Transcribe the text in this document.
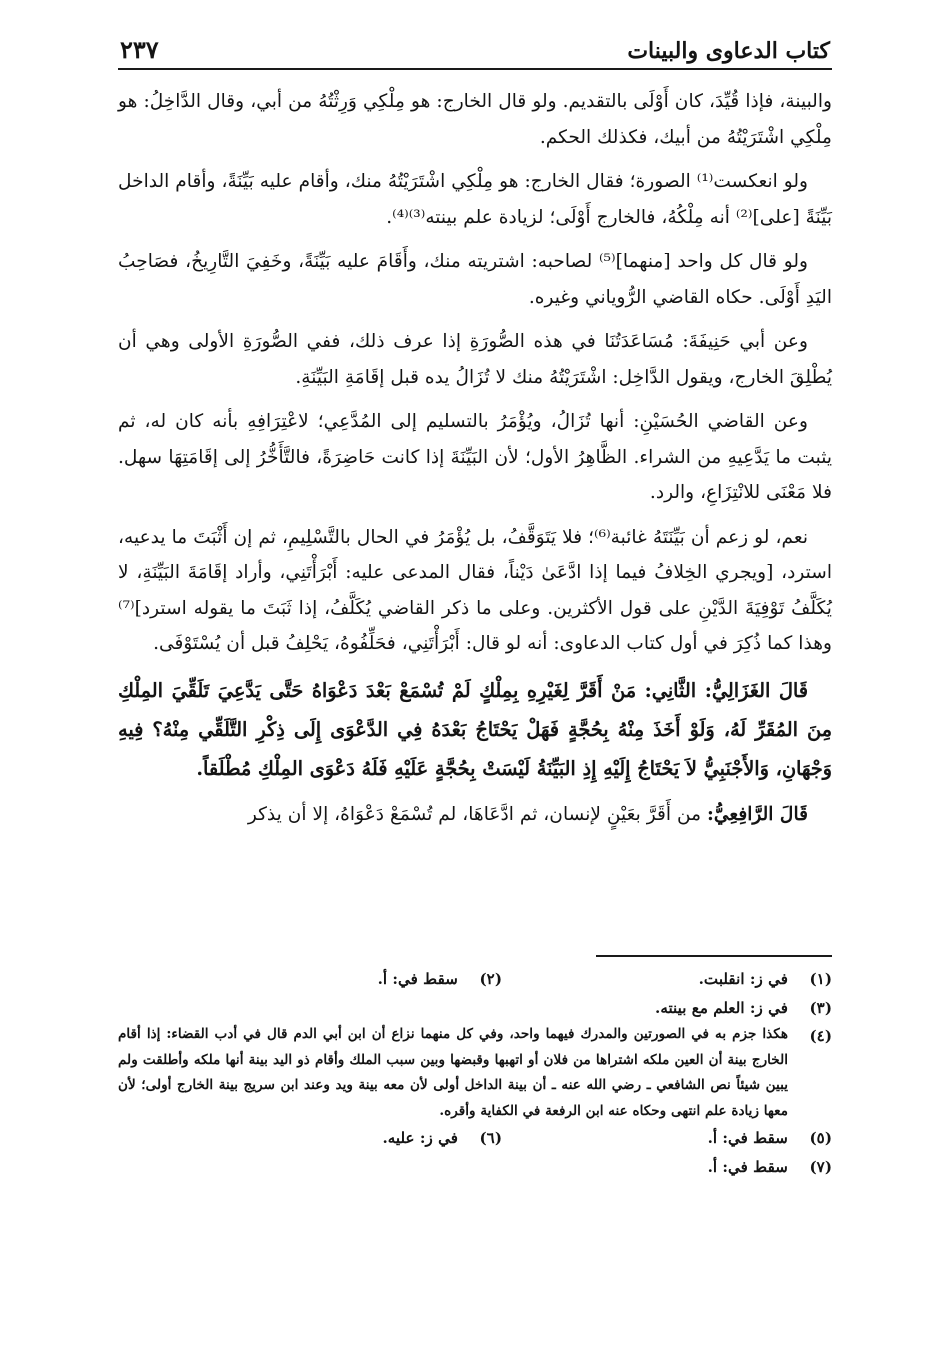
كتاب الدعاوى والبينات
٢٣٧

والبينة، فإذا قُيِّدَ، كان أَوْلَى بالتقديم. ولو قال الخارج: هو مِلْكِي وَرِثْتُهُ من أبي، وقال الدَّاخِلُ: هو مِلْكِي اشْتَرَيْتُهُ من أبيك، فكذلك الحكم.

ولو انعكست⁽¹⁾ الصورة؛ فقال الخارج: هو مِلْكِي اشْتَرَيْتُهُ منك، وأقام عليه بَيِّنَةً، وأقام الداخل بَيِّنَةً [على]⁽²⁾ أنه مِلْكُهُ، فالخارج أَوْلَى؛ لزيادة علم بينته⁽³⁾⁽⁴⁾.

ولو قال كل واحد [منهما]⁽⁵⁾ لصاحبه: اشتريته منك، وأَقَامَ عليه بَيِّنَةً، وخَفِيَ التَّارِيخُ، فصَاحِبُ اليَدِ أَوْلَى. حكاه القاضي الرُّوياني وغيره.

وعن أبي حَنِيفَةَ: مُسَاعَدَتُنَا في هذه الصُّورَةِ إذا عرف ذلك، ففي الصُّورَةِ الأولى وهي أن يُطْلِقَ الخارج، ويقول الدَّاخِل: اشْتَرَيْتُهُ منك لا تُزَالُ يده قبل إقَامَةِ البَيِّنَةِ.

وعن القاضي الحُسَيْنِ: أنها تُزَالُ، ويُؤْمَرُ بالتسليم إلى المُدَّعِي؛ لاعْتِرَافِهِ بأنه كان له، ثم يثبت ما يَدَّعِيهِ من الشراء. الظَّاهِرُ الأول؛ لأن البَيِّنَةَ إذا كانت حَاضِرَةً، فالتَّأَخُّرُ إلى إقَامَتِهَا سهل. فلا مَعْنَى للانْتِزَاعِ، والرد.

نعم، لو زعم أن بَيِّنَتَهُ غائبة⁽⁶⁾؛ فلا يَتَوَقَّفُ، بل يُؤْمَرُ في الحال بالتَّسْلِيمِ، ثم إن أَثْبَتَ ما يدعيه، استرد، [ويجري الخِلافُ فيما إذا ادَّعَىٰ دَيْناً، فقال المدعى عليه: أَبْرَأْتَنِي، وأراد إقَامَةَ البَيِّنَةِ، لا يُكَلَّفُ تَوْفِيَةَ الدَّيْنِ على قول الأكثرين. وعلى ما ذكر القاضي يُكَلَّفُ، إذا ثَبَتَ ما يقوله استرد]⁽⁷⁾ وهذا كما ذُكِرَ في أول كتاب الدعاوى: أنه لو قال: أَبْرَأْتَنِي، فحَلِّفُوهُ، يَحْلِفُ قبل أن يُسْتَوْفَى.

قَالَ الغَزَالِيُّ: الثَّانِي: مَنْ أَقَرَّ لِغَيْرِهِ بِمِلْكٍ لَمْ تُسْمَعْ بَعْدَ دَعْوَاهُ حَتَّى يَدَّعِيَ تَلَقِّيَ المِلْكِ مِنَ المُقَرِّ لَهُ، وَلَوْ أَخَذَ مِنْهُ بِحُجَّةٍ فَهَلْ يَحْتَاجُ بَعْدَهُ فِي الدَّعْوَى إِلَى ذِكْرِ التَّلَقِّي مِنْهُ؟ فِيهِ وَجْهَانِ، وَالأَجْنَبِيُّ لاَ يَحْتَاجُ إِلَيْهِ إِذِ البَيِّنَةُ لَيْسَتْ بِحُجَّةٍ عَلَيْهِ فَلَهُ دَعْوَى المِلْكِ مُطْلَقاً.

قَالَ الرَّافِعِيُّ: من أَقَرَّ بعَيْنٍ لإنسان، ثم ادَّعَاهَا، لم تُسْمَعْ دَعْوَاهُ، إلا أن يذكر

(١)
في ز: انقلبت.
(٢)
سقط في: أ.
(٣)
في ز: العلم مع بينته.
(٤)
هكذا جزم به في الصورتين والمدرك فيهما واحد، وفي كل منهما نزاع أن ابن أبي الدم قال في أدب القضاء: إذا أقام الخارج بينة أن العين ملكه اشتراها من فلان أو اتهبها وقبضها وبين سبب الملك وأقام ذو اليد بينة أنها ملكه وأطلقت ولم يبين شيئاً نص الشافعي ـ رضي الله عنه ـ أن بينة الداخل أولى لأن معه بينة ويد وعند ابن سريج بينة الخارج أولى؛ لأن معها زيادة علم انتهى وحكاه عنه ابن الرفعة في الكفاية وأقره.
(٥)
سقط في: أ.
(٦)
في ز: عليه.
(٧)
سقط في: أ.
